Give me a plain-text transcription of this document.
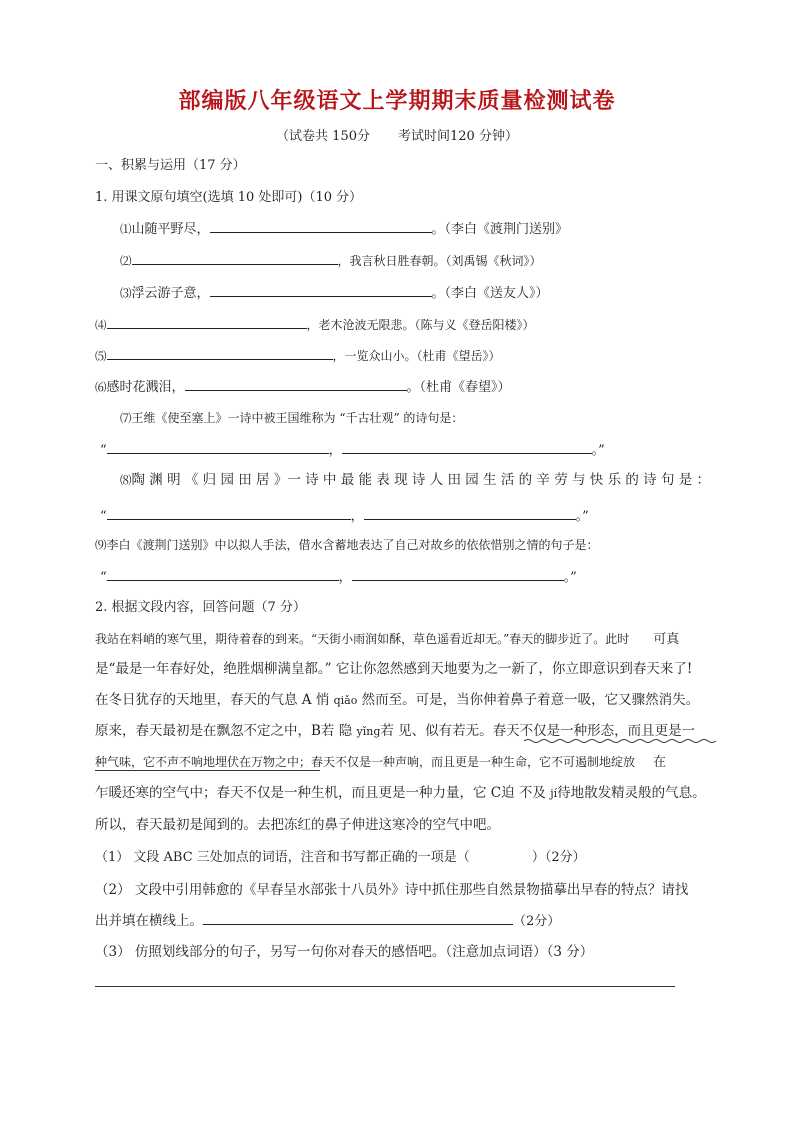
部编版八年级语文上学期期末质量检测试卷
（试卷共 150分 考试时间120 分钟）
一、积累与运用（17 分）
1. 用课文原句填空(选填 10 处即可)（10 分）
⑴山随平野尽，	。（李白《渡荆门送别》
⑵	，我言秋日胜春朝。（刘禹锡《秋词》）
⑶浮云游子意，	。（李白《送友人》）
⑷	，老木沧波无限悲。（陈与义《登岳阳楼》）
⑸	，一览众山小。（杜甫《望岳》）
⑹感时花溅泪，	。（杜甫《春望》）
⑺王维《使至塞上》一诗中被王国维称为 “千古壮观” 的诗句是：
“	，	。”
⑻陶 渊 明 《 归 园 田 居 》一 诗 中 最 能 表 现 诗 人 田 园 生 活 的 辛 劳 与 快 乐 的 诗 句 是 ：
“	，	。”
⑼李白《渡荆门送别》中以拟人手法，借水含蓄地表达了自己对故乡的依依惜别之情的句子是：
“	，	。”
2. 根据文段内容，回答问题（7 分）
我站在料峭的寒气里，期待着春的到来。“天街小雨润如酥，草色遥看近却无。”春天的脚步近了。此时 可真
是“最是一年春好处，绝胜烟柳满皇都。” 它让你忽然感到天地要为之一新了，你立即意识到春天来了!
在冬日犹存的天地里，春天的气息 A 悄 qiǎo 然而至。可是，当你伸着鼻子着意一吸，它又骤然消失。
原来，春天最初是在飘忽不定之中，B若 隐 yǐnɡ若 见、似有若无。春天不仅是一种形态，而且更是一
种气味，它不声不响地埋伏在万物之中；春天不仅是一种声响，而且更是一种生命，它不可遏制地绽放 在
乍暖还寒的空气中；春天不仅是一种生机，而且更是一种力量，它 C迫 不及 jí待地散发精灵般的气息。
所以，春天最初是闻到的。去把冻红的鼻子伸进这寒冷的空气中吧。
（1） 文段 ABC 三处加点的词语，注音和书写都正确的一项是（	）（2分）
（2） 文段中引用韩愈的《早春呈水部张十八员外》诗中抓住那些自然景物描摹出早春的特点？请找
出并填在横线上。	（2分）
（3） 仿照划线部分的句子，另写一句你对春天的感悟吧。（注意加点词语）（3 分）
